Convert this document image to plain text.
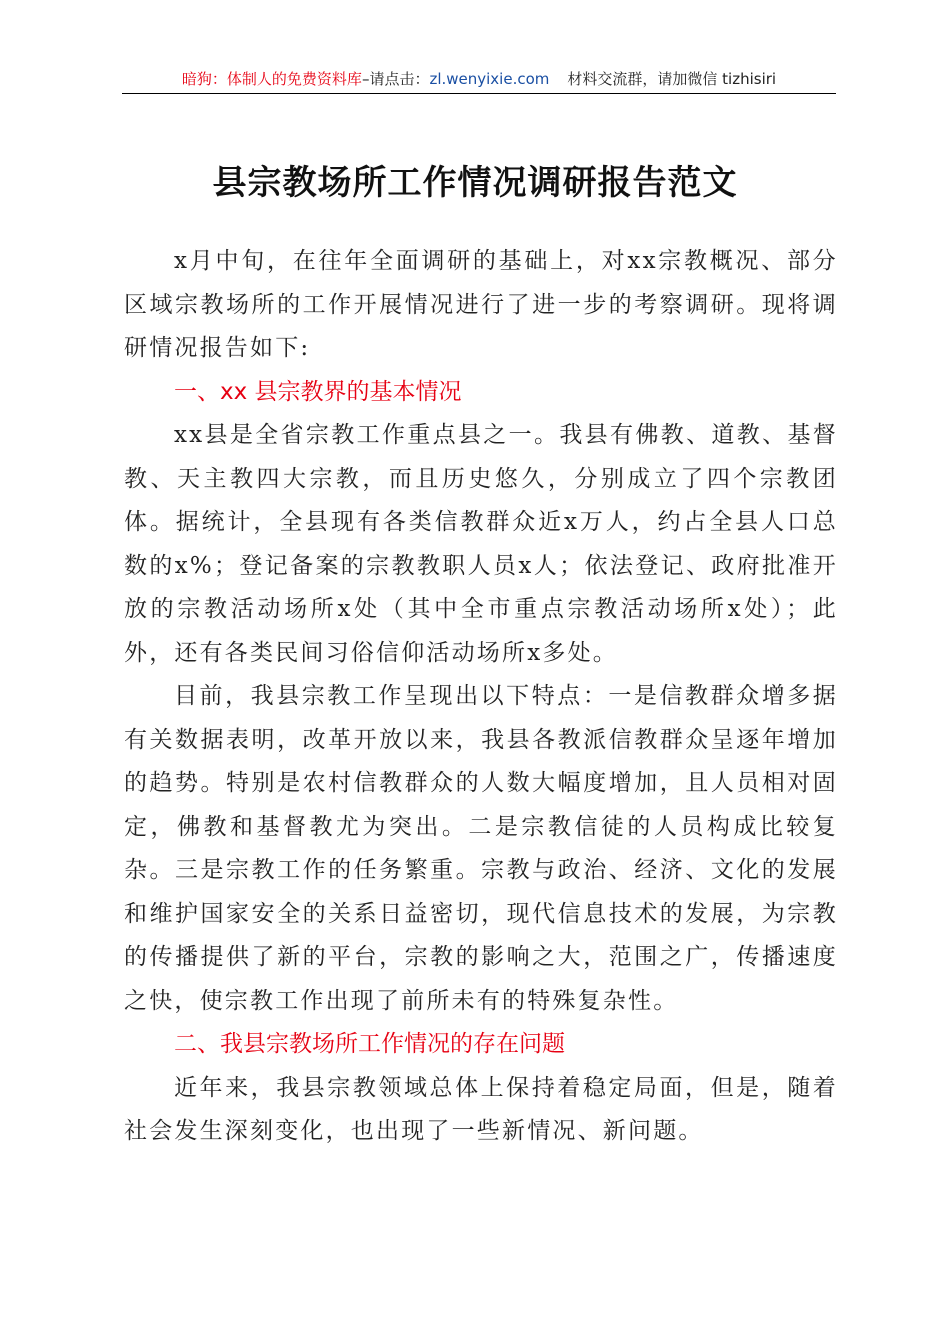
暗狗：体制人的免费资料库–请点击：zl.wenyixie.com 材料交流群，请加微信 tizhisiri
县宗教场所工作情况调研报告范文

x月中旬，在往年全面调研的基础上，对xx宗教概况、部分区域宗教场所的工作开展情况进行了进一步的考察调研。现将调研情况报告如下:

一、xx 县宗教界的基本情况

xx县是全省宗教工作重点县之一。我县有佛教、道教、基督教、天主教四大宗教，而且历史悠久，分别成立了四个宗教团体。据统计，全县现有各类信教群众近x万人，约占全县人口总数的x%；登记备案的宗教教职人员x人；依法登记、政府批准开放的宗教活动场所x处（其中全市重点宗教活动场所x处）；此外，还有各类民间习俗信仰活动场所x多处。

目前，我县宗教工作呈现出以下特点：一是信教群众增多据有关数据表明，改革开放以来，我县各教派信教群众呈逐年增加的趋势。特别是农村信教群众的人数大幅度增加，且人员相对固定，佛教和基督教尤为突出。二是宗教信徒的人员构成比较复杂。三是宗教工作的任务繁重。宗教与政治、经济、文化的发展和维护国家安全的关系日益密切，现代信息技术的发展，为宗教的传播提供了新的平台，宗教的影响之大，范围之广，传播速度之快，使宗教工作出现了前所未有的特殊复杂性。

二、我县宗教场所工作情况的存在问题

近年来，我县宗教领域总体上保持着稳定局面，但是，随着社会发生深刻变化，也出现了一些新情况、新问题。
